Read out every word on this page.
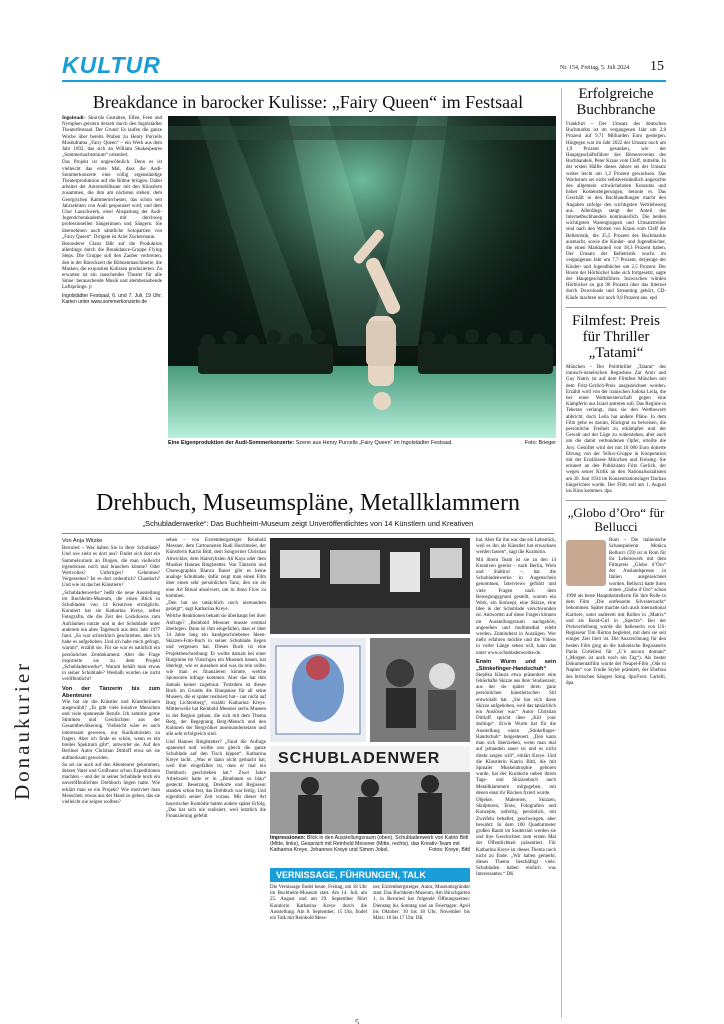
KULTUR	Nr. 154, Freitag, 5. Juli 2024 15
Donaukurier
Breakdance in barocker Kulisse: „Fairy Queen“ im Festsaal

Ingolstadt– Skurrile Gestalten, Elfen, Feen und Nymphen geistern derzeit durch den Ingolstädter Theaterfestsaal. Der Grund: Es laufen die ganze Woche über bereits Proben zu Henry Purcells Musikdrama „Fairy Queen“ – ein Werk aus dem Jahr 1692, das sich an William Shakespeares „Sommernachtstraum“ orientiert.

Das Projekt ist ungewöhnlich. Denn es ist vielleicht das erste Mal, dass die Audi-Sommerkonzerte eine völlig eigenständige Theaterproduktion auf die Bühne bringen. Dabei arbeitet der Automobilbauer mit den Künstlern zusammen, die ihm am nächsten stehen: dem Georgischen Kammerorchester, das schon seit Jahrzehnten von Audi gesponsert wird; und dem Chor Lauschwerk, einer Abspaltung der Audi-Jugendchorakademie mit durchweg professionellen Sängerinnen und Sängern. Sie übernehmen auch sämtliche Solopartien von „Fairy Queen“. Dirigent ist Ariel Zuckermann.

Besonderer Glanz fällt auf die Produktion allerdings durch die Breakdance-Gruppe Flying Steps. Die Gruppe soll den Zauber verbreiten, den in der Barockzeit die Bühnenmaschinerie, die Masken, die exquisiten Kulissen produzierten. Zu erwarten ist ein rauschendes Theater für alle Sinne: berauschende Musik und atemberaubende Luftsprünge. jr

Ingolstädter Festsaal, 6. und 7. Juli, 19 Uhr. Karten unter www.sommerkonzerte.de

Eine Eigenproduktion der Audi-Sommerkonzerte: Szene aus Henry Purcells „Fairy Queen“ im Ingolstädter Festsaal.	Foto: Brieger
Drehbuch, Museumspläne, Metallklammern
„Schubladenwerke“: Das Buchheim-Museum zeigt Unveröffentlichtes von 14 Künstlern und Kreativen
Von Anja Witzke

Bernried – Was haben Sie in Ihrer Schublade? Und wie sieht es dort aus? Findet sich dort ein Sammelsurium an Dingen, die man vielleicht irgendwann noch mal brauchen könnte? Oder Wertvolles? Unfertiges? Geheimes? Vergessenes? Ist es dort ordentlich? Chaotisch? Und wie ist das bei Künstlern?

„Schubladenwerke“ heißt die neue Ausstellung im Buchheim-Museum, die einen Blick in Schubladen von 14 Kreativen ermöglicht. Kuratiert hat sie Katharina Kreye, selbst Fotografin, die die Zeit des Lockdowns zum Aufräumen nutzte und in der Schublade unter anderem ein altes Tagebuch aus dem Jahr 1977 fand. „Es war schrecklich geschrieben, aber ich habe es aufgehoben. Und ich habe mich gefragt, warum“, erzählt sie. Für sie war es natürlich ein persönliches Zeitdokument. Aber die Frage inspirierte sie zu dem Projekt „Schubladenwerke“. Warum behält man etwas in seiner Schublade? Weshalb wurden sie nicht veröffentlicht?

Von der Tänzerin bis zum Abenteurer

Wie hat sie die Künstler und Künstlerinnen ausgewählt? „Es gibt viele kreative Menschen und viele spannende Berufe. Ich sammle gerne Stimmen und Geschichten aus der Gesamtbevölkerung. Vielleicht wäre es auch interessant gewesen, nur Karikaturisten zu fragen. Aber ich finde es schön, wenn es ein breites Spektrum gibt“, antwortet sie. Auf den Berliner Autor Christian Dittloff etwa sei sie aufmerksam geworden.

So sei sie auch auf den Abenteurer gekommen, dessen Vater und Großvater schon Expeditionen machten – und der in seiner Schublade noch ein unveröffentlichtes Drehbuch liegen hatte. Wie erklärt man so ein Projekt? Wie motiviert man Menschen, etwas aus der Hand zu geben, das sie vielleicht nie zeigen wollten?

sehen – von Extrembergsteiger Reinhold Messner, dem Cartoonisten Rudi Hurzlmeier, der Künstlerin Katrin Bittl, dem Songwriter Christian Altwickler, dem Hairstylisten Ali Kaya oder dem Musiker Hannes Ringlstetter. Von Tänzerin und Choreographin Bianca Bauer gibt es keine analoge Schublade, dafür zeigt man einen Film über einen sehr persönlichen Tanz, den sie als eine Art Ritual absolviert, um in ihren Flow zu kommen.

„Den hat sie tatsächlich noch niemandem gezeigt“, sagt Katharina Kreye.

Welche Reaktionen bekam sie überhaupt bei ihrer Anfrage? „Reinhold Messner musste erstmal überlegen. Dann ist ihm eingefallen, dass er über 34 Jahre lang ein handgeschriebenes Ideen-Skizzen-Foto-Buch in seiner Schublade liegen und vergessen hat. Dieses Buch ist eine Projektbeschreibung: Er wollte damals bei einer Burgruine im Vinschgau ein Museum bauen, hat überlegt, wie es aussehen und was da rein sollte, wie man es finanzieren könnte, welche Sponsoren infrage kommen. Aber das hat ihm damals keiner zugetraut. Trotzdem ist dieses Buch im Grunde die Blaupause für all seine Museen, die er später realisiert hat – nur nicht auf Burg Lichtenberg“, erzählt Katharina Kreye. Mittlerweile hat Reinhold Messner sechs Museen in der Region gebaut, die sich mit dem Thema Berg, der Begegnung Berg-Mensch und den Kulturen der Bergvölker auseinandersetzen und alle sehr erfolgreich sind.

Und Hannes Ringlstetter? „Fand die Anfrage spannend und wollte uns gleich die ganze Schublade auf den Tisch kippen“. Katharina Kreye lacht. „Was er dann nicht gemacht hat, weil ihm eingefallen ist, dass er mal ein Drehbuch geschrieben hat.“ Zwei Jahre Arbeitszeit hatte er in „Binnbaum so blau“ gesteckt. Besetzung, Drehorte und Regisseur standen schon fest, das Drehbuch war fertig. Und eigentlich seiner Zeit voraus. Mit dieser Art bayerischer Komödie hatten andere später Erfolg. „Das hat sich nie realisiert, weil letztlich die Finanzierung gefehlt

SCHUBLADENWER
Impressionen: Blick in den Ausstellungsraum (oben), Schubladenwerk von Katrin Bittl (Mitte, links), Gespräch mit Reinhold Messner (Mitte, rechts), das Kreativ-Team mit Katharina Kreye, Johannes Kreye und Simon Jokel,	Fotos: Kreye, Bittl
VERNISSAGE, FÜHRUNGEN, TALK
Die Vernissage findet heute, Freitag, um 18 Uhr im Buchheim-Museum statt. Am 14. Juli, am 25. August und am 29. September führt Kuratorin Katharina Kreye durch die Ausstellung. Am 8. September, 15 Uhr, findet ein Talk mit Reinhold Mess-
ner, Extrembergsteiger, Autor, Museumsgründer statt. Das Buchheim Museum, Am Hirschgarten 1, in Bernried hat folgende Öffnungszeiten: Dienstag bis Sonntag und an Feiertagen: April bis Oktober: 10 bis 18 Uhr, November bis März: 10 bis 17 Uhr. DK

hat. Aber für ihn war das ein Lehrstück, weil es ihn als Künstler hat erwachsen werden lassen“, sagt die Kuratorin.

Mit ihrem Team ist sie zu den 14 Kreativen gereist – nach Berlin, Wien und Südtirol –, hat die Schubladenwerke in Augenschein genommen, Interviews geführt und viele Fragen nach dem Bewegungsgrund gestellt, warum ein Werk, ein Konzept, eine Skizze, eine Idee in der Schublade verschwunden ist. Antworten auf diese Fragen können im Ausstellungsraum nachgehört, angesehen und multimedial erlebt werden. Zuminderst in Auszügen. Wer mehr erfahren möchte und die Videos in voller Länge sehen will, kann das unter www.schubladenwerke.de.

Erwin Wurm und sein „Stinkefinger-Handschuh“

Stephka Klaura etwa präsentiert eine fehlerhafte Skizze aus ihrer Studienzeit, aus der sie später ihren ganz persönlichen künstlerischen Stil entwickelt hat. „Sie hat sich diese Skizze aufgehoben, weil das tatsächlich ein Auslöser war.“ Autor Christian Dittloff spricht über „Kill your darlings“. Erwin Wurm hat für die Ausstellung einen „Stinkefinger-Handschuh“ beigesteuert. „Den kann man sich überziehen, wenn man mal auf jemanden sauer ist und es nicht direkt zeigen will“, erklärt Kreye. Und die Künstlerin Katrin Bittl, die mit Spinaler Muskelatrophie geboren wurde, hat der Kuratorin neben ihrem Tage- und Skizzenbuch auch Metallklammern mitgegeben, mit denen einst ihr Rücken fixiert wurde.

Objekte, Malereien, Skizzen, Skulpturen, Texte, Fotografien und Konzepte, unfertig, persönlich, mit Zweifeln behaftet, geschwiegen, aber bewahrt: In dem 100 Quadratmeter großen Raum im Souterrain werden sie und ihre Geschichten zum ersten Mal der Öffentlichkeit präsentiert. Für Katharina Kreye ist dieses Thema noch nicht zu Ende. „Wir haben gemerkt, dieses Thema beschäftigt viele. Schubladen haben einfach was Interessantes.“ DK

Erfolgreiche Buchbranche
Frankfurt – Der Umsatz des deutschen Buchmarkts ist im vergangenen Jahr um 2,8 Prozent auf 9,71 Milliarden Euro gestiegen. Hingegen war im Jahr 2022 der Umsatz noch um 1,9 Prozent gesunken, wie der Hauptgeschäftsführer des Börsenvereins des Buchhandels, Peter Kraus vom Cleff, mitteilte. In der ersten Hälfte dieses Jahres sei der Umsatz weiter leicht um 1,2 Prozent gewachsen. Das Wachstum sei nicht selbstverständlich angesichts des allgemein schwächelnden Konsums und hoher Kostensteigerungen, betonte er. Das Geschäft in den Buchhandlungen macht den Angaben zufolge den wichtigsten Vertriebsweg aus. Allerdings steigt der Anteil des Internetbuchhandels kontinuierlich. Die beiden wichtigsten Warengruppen und Umsatztreiber sind nach den Worten von Kraus vom Cleff die Belletristik, die 35,5 Prozent des Buchmarkts ausmacht, sowie die Kinder- und Jugendbücher, die einen Marktanteil von 18,3 Prozent haben. Der Umsatz der Belletristik wuchs im vergangenen Jahr um 7,7 Prozent, derjenige der Kinder- und Jugendbücher um 2,5 Prozent. Der Boom der Hörbücher habe sich fortgesetzt, sagte der Hauptgeschäftsführer. Inzwischen würden Hörbücher zu gut 90 Prozent über das Internet durch Downloads und Streaming gehört, CD-Käufe machten nur noch 9,8 Prozent aus. epd
Filmfest: Preis für Thriller „Tatami“
München – Der Politthriller „Tatami“ des iranisch-israelischen Regieduos Zar Amir und Guy Nattiv ist auf dem Filmfest München mit dem Fritz-Gerlich-Preis ausgezeichnet worden. Erzählt wird von der iranischen Judoka Leila, die bei einer Weltmeisterschaft gegen eine Kämpferin aus Israel antreten soll. Das Regime in Teheran verlangt, dass sie den Wettbewerb abbricht, doch Leila hat andere Pläne. In dem Film gehe es darum, Rückgrat zu beweisen, die persönliche Freiheit zu erkämpfen und der Gewalt und der Lüge zu widerstehen, aber auch um die damit verbundenen Opfer, urteilte die Jury. Gestiftet wird der mit 10 000 Euro dotierte Ehrung von der Tellux-Gruppe in Kooperation mit der Erzdiözese München und Freising. Sie erinnert an den Publizisten Fritz Gerlich, der wegen seiner Kritik an den Nationalsozialisten am 30. Juni 1934 im Konzentrationslager Dachau hingerichtet wurde. Der Film soll am 1. August ins Kino kommen. dpa
„Globo d’Oro“ für Bellucci
Rom – Die italienische Schauspielerin Monica Bellucci (59) ist in Rom für ihr Lebenswerk mit dem Filmpreis „Globo d’Oro“ der Auslandspresse in Italien ausgezeichnet worden. Bellucci hatte ihren ersten „Globo d’Oro“ schon 1998 als beste Hauptdarstellerin für ihre Rolle in dem Film „Die entfesselte Silvesternacht“ bekommen. Später machte sich auch international Karriere, unter anderem mit Rollen in „Matrix“ und als Bond-Girl in „Spectre“. Bei der Preisverleihung wurde die Italienerin von US-Regisseur Tim Burton begleitet, mit dem sie seit einiger Zeit liiert ist. Die Auszeichnung für den besten Film ging an die italienische Regisseurin Paola Cortellesi für „C’è ancora domani“ („Morgen ist auch noch ein Tag“). Als bester Dokumentarfilm wurde der Neapel-Film „Ode to Naples“ von Trudie Styler prämiert, der Ehefrau des britischen Sängers Sting. dpa/Foto: Cartelli, dpa
5
